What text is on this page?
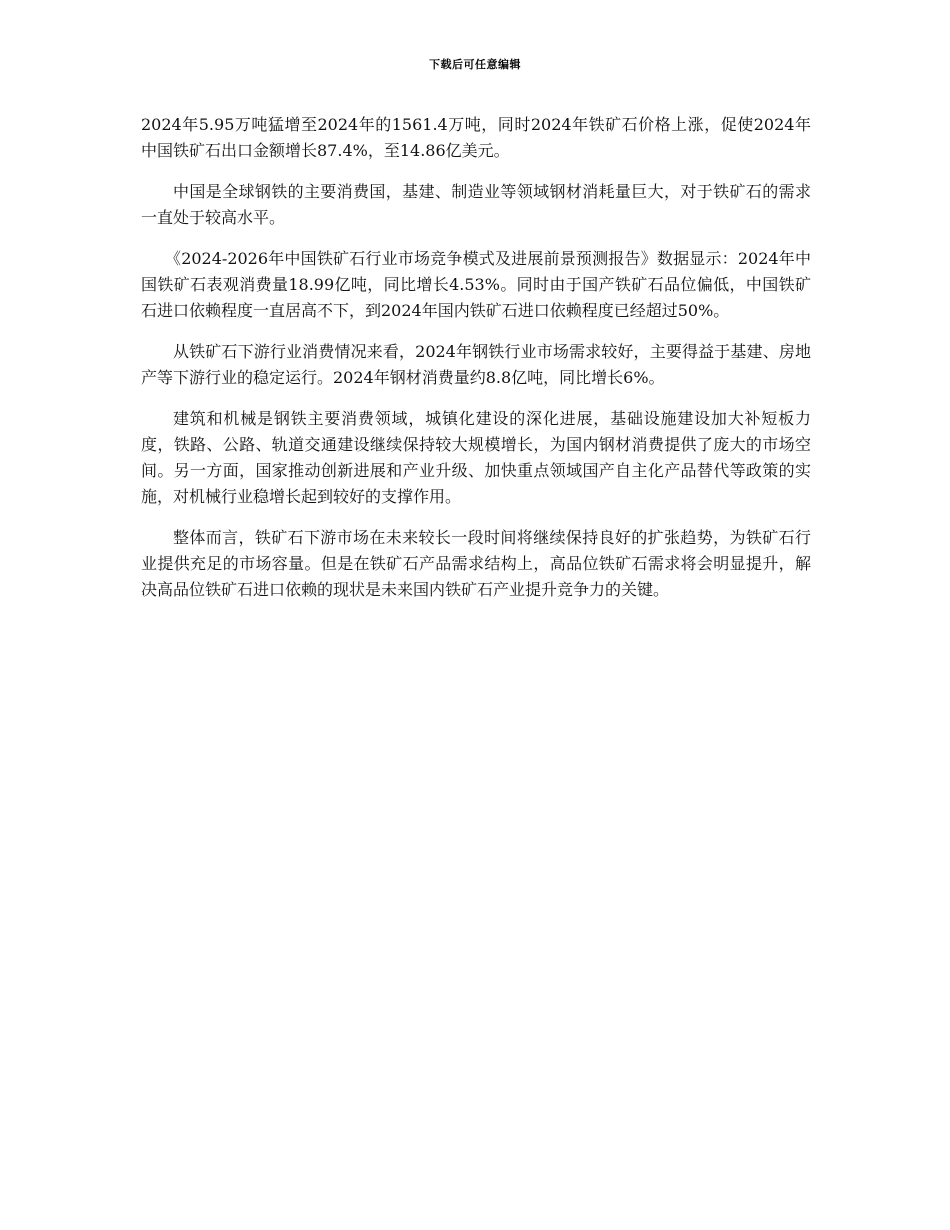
下载后可任意编辑

2024年5.95万吨猛增至2024年的1561.4万吨，同时2024年铁矿石价格上涨，促使2024年中国铁矿石出口金额增长87.4%，至14.86亿美元。

中国是全球钢铁的主要消费国，基建、制造业等领域钢材消耗量巨大，对于铁矿石的需求一直处于较高水平。

《2024-2026年中国铁矿石行业市场竞争模式及进展前景预测报告》数据显示：2024年中国铁矿石表观消费量18.99亿吨，同比增长4.53%。同时由于国产铁矿石品位偏低，中国铁矿石进口依赖程度一直居高不下，到2024年国内铁矿石进口依赖程度已经超过50%。

从铁矿石下游行业消费情况来看，2024年钢铁行业市场需求较好，主要得益于基建、房地产等下游行业的稳定运行。2024年钢材消费量约8.8亿吨，同比增长6%。

建筑和机械是钢铁主要消费领域，城镇化建设的深化进展，基础设施建设加大补短板力度，铁路、公路、轨道交通建设继续保持较大规模增长，为国内钢材消费提供了庞大的市场空间。另一方面，国家推动创新进展和产业升级、加快重点领域国产自主化产品替代等政策的实施，对机械行业稳增长起到较好的支撑作用。

整体而言，铁矿石下游市场在未来较长一段时间将继续保持良好的扩张趋势，为铁矿石行业提供充足的市场容量。但是在铁矿石产品需求结构上，高品位铁矿石需求将会明显提升，解决高品位铁矿石进口依赖的现状是未来国内铁矿石产业提升竞争力的关键。
